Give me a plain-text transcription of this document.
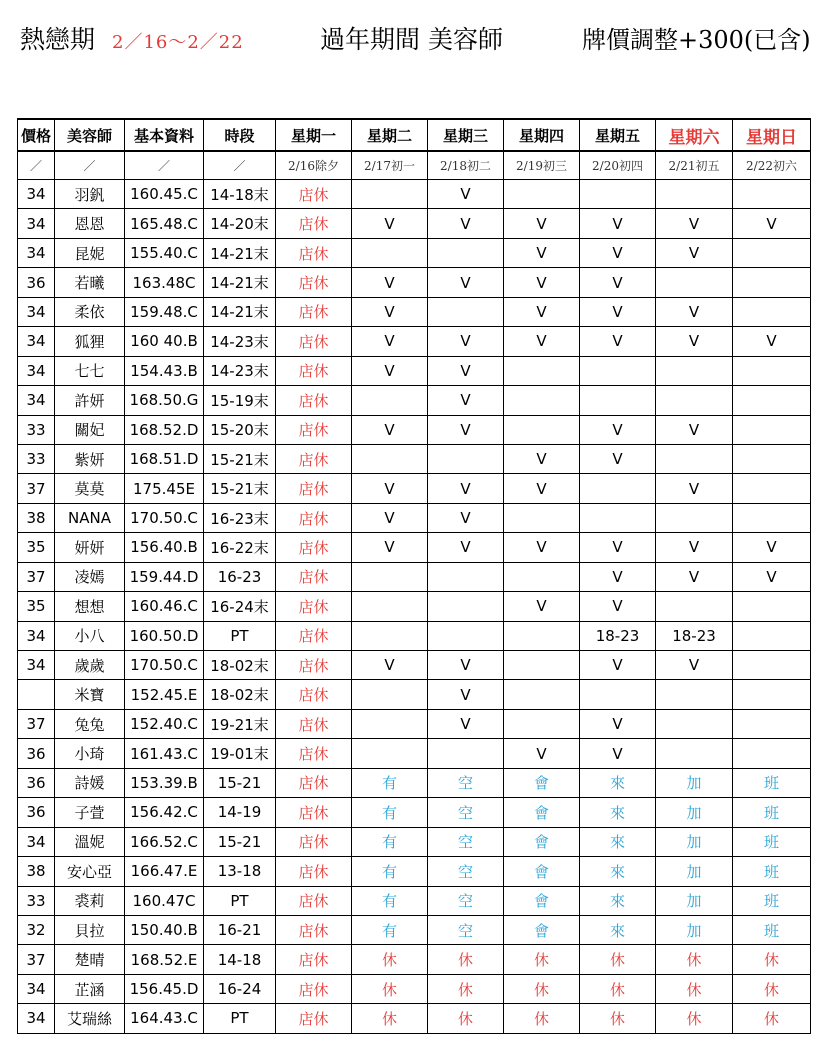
熱戀期 2／16～2／22	過年期間 美容師	牌價調整+300(已含)
價格	美容師	基本資料	時段	星期一	星期二	星期三	星期四	星期五	星期六	星期日
／	／	／	／	2/16除夕	2/17初一	2/18初二	2/19初三	2/20初四	2/21初五	2/22初六
34	羽釩	160.45.C	14-18末	店休		V				
34	恩恩	165.48.C	14-20末	店休	V	V	V	V	V	V
34	昆妮	155.40.C	14-21末	店休			V	V	V	
36	若曦	163.48C	14-21末	店休	V	V	V	V		
34	柔依	159.48.C	14-21末	店休	V		V	V	V	
34	狐狸	160 40.B	14-23末	店休	V	V	V	V	V	V
34	七七	154.43.B	14-23末	店休	V	V				
34	許妍	168.50.G	15-19末	店休		V				
33	關妃	168.52.D	15-20末	店休	V	V		V	V	
33	紫妍	168.51.D	15-21末	店休			V	V		
37	莫莫	175.45E	15-21末	店休	V	V	V		V	
38	NANA	170.50.C	16-23末	店休	V	V				
35	妍妍	156.40.B	16-22末	店休	V	V	V	V	V	V
37	凌嫣	159.44.D	16-23	店休				V	V	V
35	想想	160.46.C	16-24末	店休			V	V		
34	小八	160.50.D	PT	店休				18-23	18-23	
34	歲歲	170.50.C	18-02末	店休	V	V		V	V	
	米寶	152.45.E	18-02末	店休		V				
37	兔兔	152.40.C	19-21末	店休		V		V		
36	小琦	161.43.C	19-01末	店休			V	V		
36	詩媛	153.39.B	15-21	店休	有	空	會	來	加	班
36	子萱	156.42.C	14-19	店休	有	空	會	來	加	班
34	溫妮	166.52.C	15-21	店休	有	空	會	來	加	班
38	安心亞	166.47.E	13-18	店休	有	空	會	來	加	班
33	裘莉	160.47C	PT	店休	有	空	會	來	加	班
32	貝拉	150.40.B	16-21	店休	有	空	會	來	加	班
37	楚晴	168.52.E	14-18	店休	休	休	休	休	休	休
34	芷涵	156.45.D	16-24	店休	休	休	休	休	休	休
34	艾瑞絲	164.43.C	PT	店休	休	休	休	休	休	休
